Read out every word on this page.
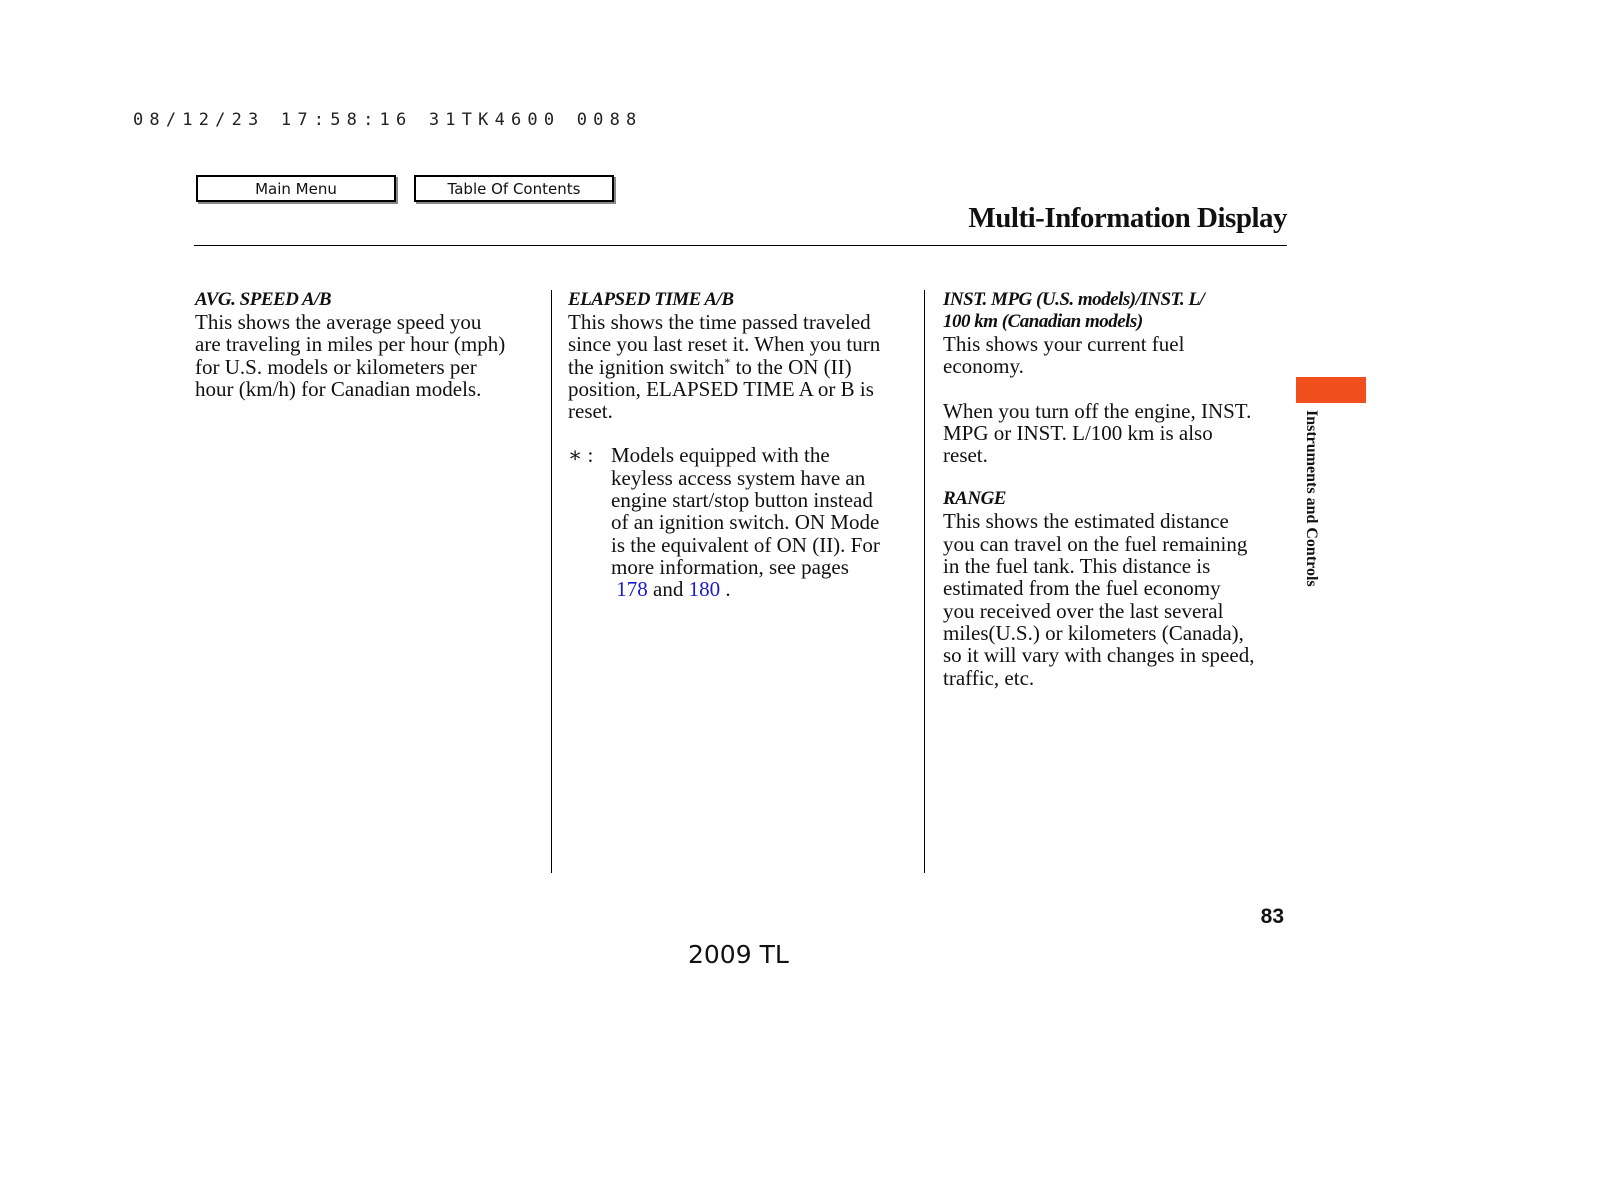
08/12/23 17:58:16 31TK4600 0088
Main Menu	Table Of Contents
Multi-Information Display

AVG. SPEED A/B

This shows the average speed you

are traveling in miles per hour (mph)

for U.S. models or kilometers per

hour (km/h) for Canadian models.

ELAPSED TIME A/B

This shows the time passed traveled

since you last reset it. When you turn

the ignition switch* to the ON (II)

position, ELAPSED TIME A or B is

reset.

∗ : Models equipped with the

keyless access system have an

engine start/stop button instead

of an ignition switch. ON Mode

is the equivalent of ON (II). For

more information, see pages

178 and 180 .

INST. MPG (U.S. models)/INST. L/

100 km (Canadian models)

This shows your current fuel

economy.

When you turn off the engine, INST.

MPG or INST. L/100 km is also

reset.

RANGE

This shows the estimated distance

you can travel on the fuel remaining

in the fuel tank. This distance is

estimated from the fuel economy

you received over the last several

miles(U.S.) or kilometers (Canada),

so it will vary with changes in speed,

traffic, etc.

Instruments and Controls
83
2009 TL
